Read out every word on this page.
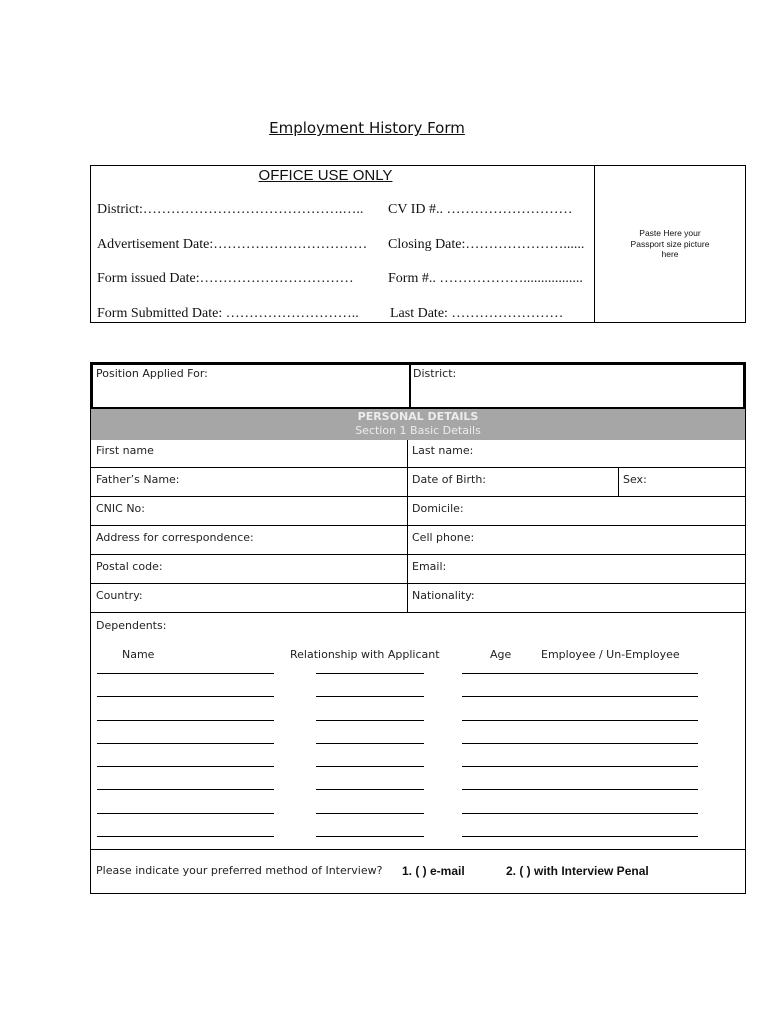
Employment History Form
OFFICE USE ONLY
District:…………………………………….….. CV ID #.. ………………………
Advertisement Date:…………………………… Closing Date:…………………......
Form issued Date:…………………………… Form #.. ……………….................
Form Submitted Date: ……………………….. Last Date: ……………………
Paste Here your Passport size picture here
Position Applied For:	District:
PERSONAL DETAILS
Section 1 Basic Details
First name	Last name:
Father’s Name:	Date of Birth:	Sex:
CNIC No:	Domicile:
Address for correspondence:	Cell phone:
Postal code:	Email:
Country:	Nationality:
Dependents:
Name	Relationship with Applicant	Age	Employee / Un-Employee
Please indicate your preferred method of Interview? 1. ( ) e-mail	2. ( ) with Interview Penal
